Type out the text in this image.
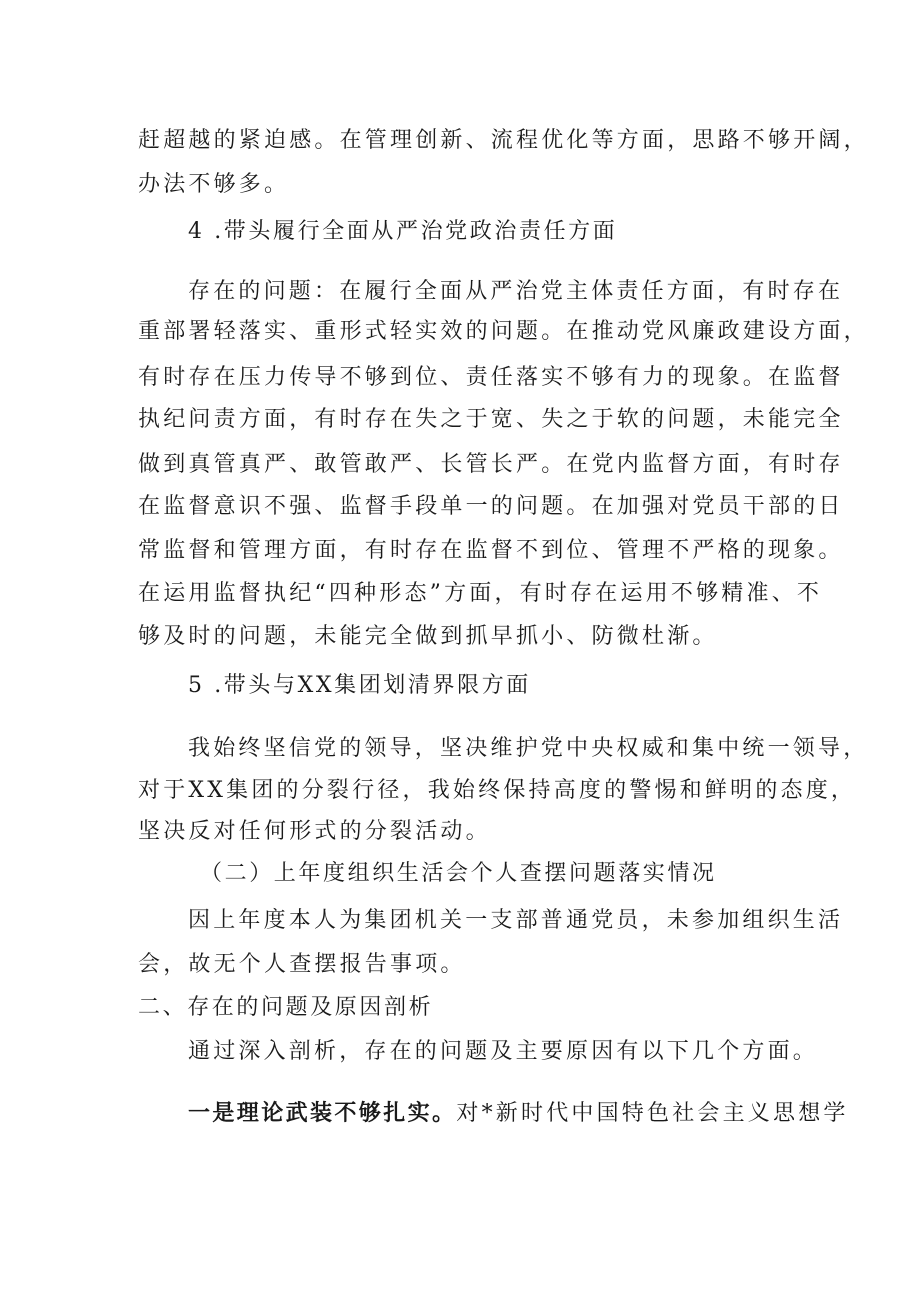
赶超越的紧迫感。在管理创新、流程优化等方面，思路不够开阔，
办法不够多。
4 .带头履行全面从严治党政治责任方面
存在的问题：在履行全面从严治党主体责任方面，有时存在
重部署轻落实、重形式轻实效的问题。在推动党风廉政建设方面，
有时存在压力传导不够到位、责任落实不够有力的现象。在监督
执纪问责方面，有时存在失之于宽、失之于软的问题，未能完全
做到真管真严、敢管敢严、长管长严。在党内监督方面，有时存
在监督意识不强、监督手段单一的问题。在加强对党员干部的日
常监督和管理方面，有时存在监督不到位、管理不严格的现象。
在运用监督执纪“四种形态”方面，有时存在运用不够精准、不
够及时的问题，未能完全做到抓早抓小、防微杜渐。
5 .带头与XX集团划清界限方面
我始终坚信党的领导，坚决维护党中央权威和集中统一领导，
对于XX集团的分裂行径，我始终保持高度的警惕和鲜明的态度，
坚决反对任何形式的分裂活动。
（二）上年度组织生活会个人查摆问题落实情况
因上年度本人为集团机关一支部普通党员，未参加组织生活
会，故无个人查摆报告事项。
二、存在的问题及原因剖析
通过深入剖析，存在的问题及主要原因有以下几个方面。
一是理论武装不够扎实。对*新时代中国特色社会主义思想学
